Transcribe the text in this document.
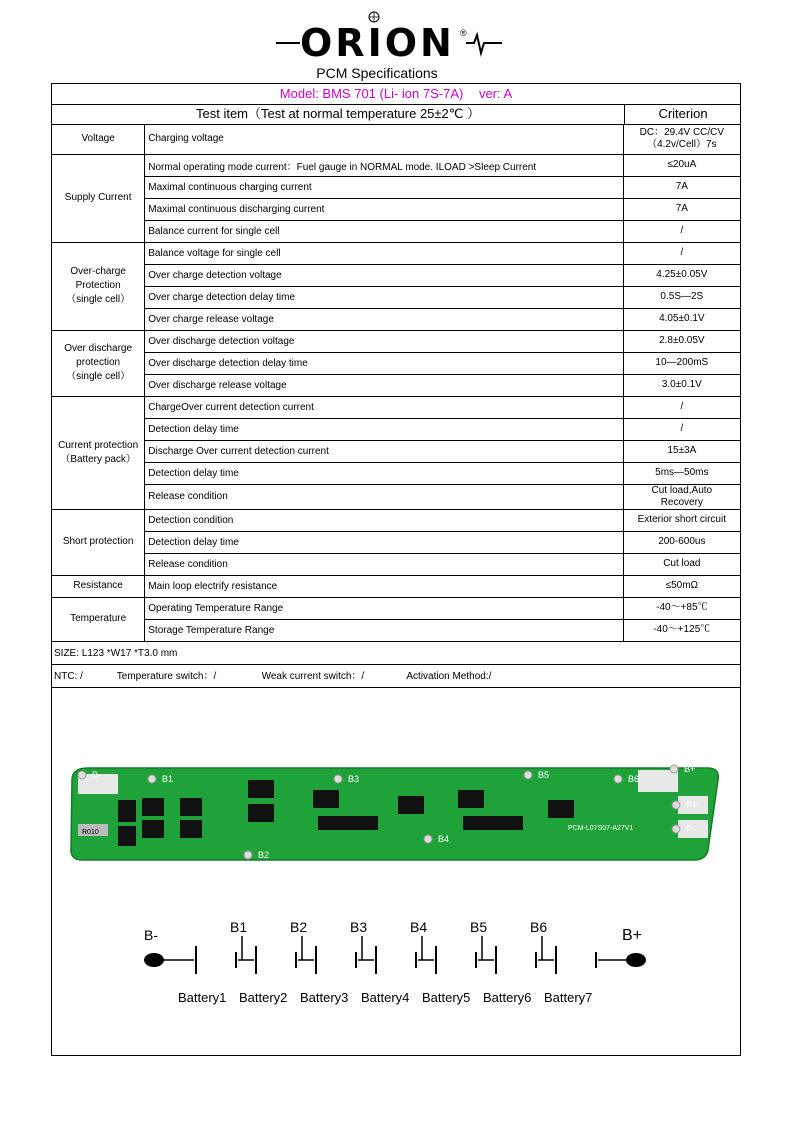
ORION ®
PCM Specifications
Model: BMS 701 (Li- ion 7S-7A) ver: A
Test item（Test at normal temperature 25±2℃ ）	Criterion
Voltage	Charging voltage	DC：29.4V CC/CV
（4.2v/Cell）7s
Supply Current	Normal operating mode current：Fuel gauge in NORMAL mode. ILOAD >Sleep Current	≤20uA
	Maximal continuous charging current	7A
	Maximal continuous discharging current	7A
	Balance current for single cell	/
Over-charge
Protection
（single cell）	Balance voltage for single cell	/
	Over charge detection voltage	4.25±0.05V
	Over charge detection delay time	0.5S—2S
	Over charge release voltage	4.05±0.1V
Over discharge
protection
（single cell）	Over discharge detection voltage	2.8±0.05V
	Over discharge detection delay time	10—200mS
	Over discharge release voltage	3.0±0.1V
Current protection
（Battery pack）	ChargeOver current detection current	/
	Detection delay time	/
	Discharge Over current detection current	15±3A
	Detection delay time	5ms—50ms
	Release condition	Cut load,Auto
Recovery
Short protection	Detection condition	Exterior short circuit
	Detection delay time	200-600us
	Release condition	Cut load
Resistance	Main loop electrify resistance	≤50mΩ
Temperature	Operating Temperature Range	-40～+85℃
	Storage Temperature Range	-40～+125℃
SIZE: L123 *W17 *T3.0 mm
NTC: /	Temperature switch：/	Weak current switch：/	Activation Method:/
R010
PCM-L07S07-A27V1
B-	B1
B2
B3
B4
B5	B6
B+
P+
P-
B-	B+
B1	B2	B3	B4	B5	B6
Battery1 Battery2 Battery3 Battery4 Battery5 Battery6 Battery7
